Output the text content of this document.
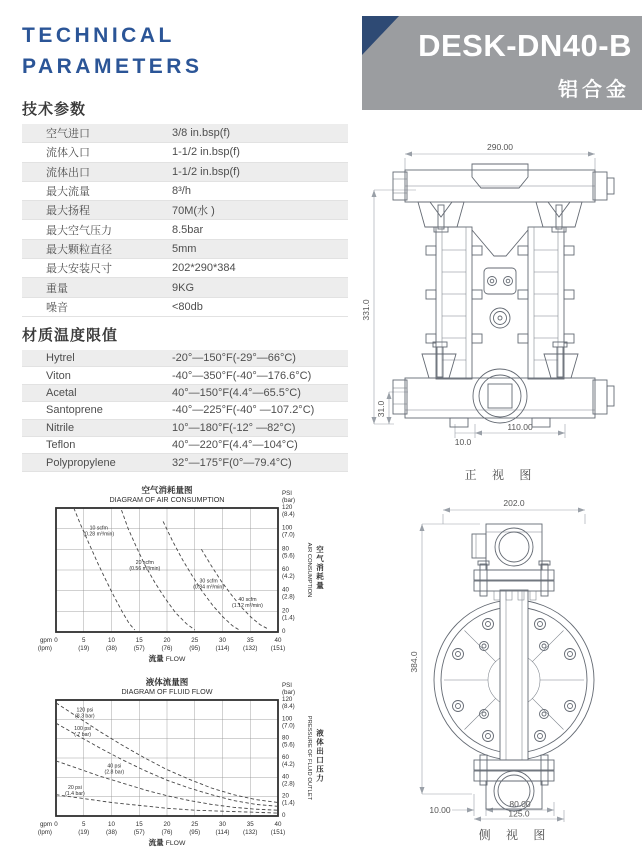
TECHNICAL
PARAMETERS
DESK-DN40-B
铝合金
技术参数
空气进口	3/8 in.bsp(f)
流体入口	1-1/2 in.bsp(f)
流体出口	1-1/2 in.bsp(f)
最大流量	8³/h
最大扬程	70M(水 )
最大空气压力	8.5bar
最大颗粒直径	5mm
最大安装尺寸	202*290*384
重量	9KG
噪音	<80db
材质温度限值
Hytrel	-20°—150°F(-29°—66°C)
Viton	-40°—350°F(-40°—176.6°C)
Acetal	40°—150°F(4.4°—65.5°C)
Santoprene	-40°—225°F(-40° —107.2°C)
Nitrile	10°—180°F(-12° —82°C)
Teflon	40°—220°F(4.4°—104°C)
Polypropylene	32°—175°F(0°—79.4°C)
空气消耗量图
DIAGRAM OF AIR CONSUMPTION
10 scfm (0.28 m³/min)
20 scfm (0.56 m³/min)
30 scfm (0.84 m³/min)
40 scfm (1.12 m³/min)
0	5
(19)
10
(38)
15
(57)
20
(76)
25
(95)
30
(114)
35
(132)
40
(151)
gpm
(lpm)
流量 FLOW
PSI
(bar)
120
(8.4)
100
(7.0)
80
(5.6)
60
(4.2)
40
(2.8)
20
(1.4)
0
AIR CONSUMPTION 空气消耗量
液体流量图
DIAGRAM OF FLUID FLOW
120 psi (8.3 bar)
100 psi ( 7 bar)
40 psi (2.8 bar)
20 psi (1.4 bar)
0	5
(19)
10
(38)
15
(57)
20
(76)
25
(95)
30
(114)
35
(132)
40
(151)
gpm
(lpm)
流量 FLOW
PSI
(bar)
120
(8.4)
100
(7.0)
80
(5.6)
60
(4.2)
40
(2.8)
20
(1.4)
0
PRESSURE OF FLUID OUTLET 液体出口压力
290.00
331.0
31.0
10.0
110.00
正 视 图
202.0
384.0
10.00
80.00
125.0
侧 视 图
